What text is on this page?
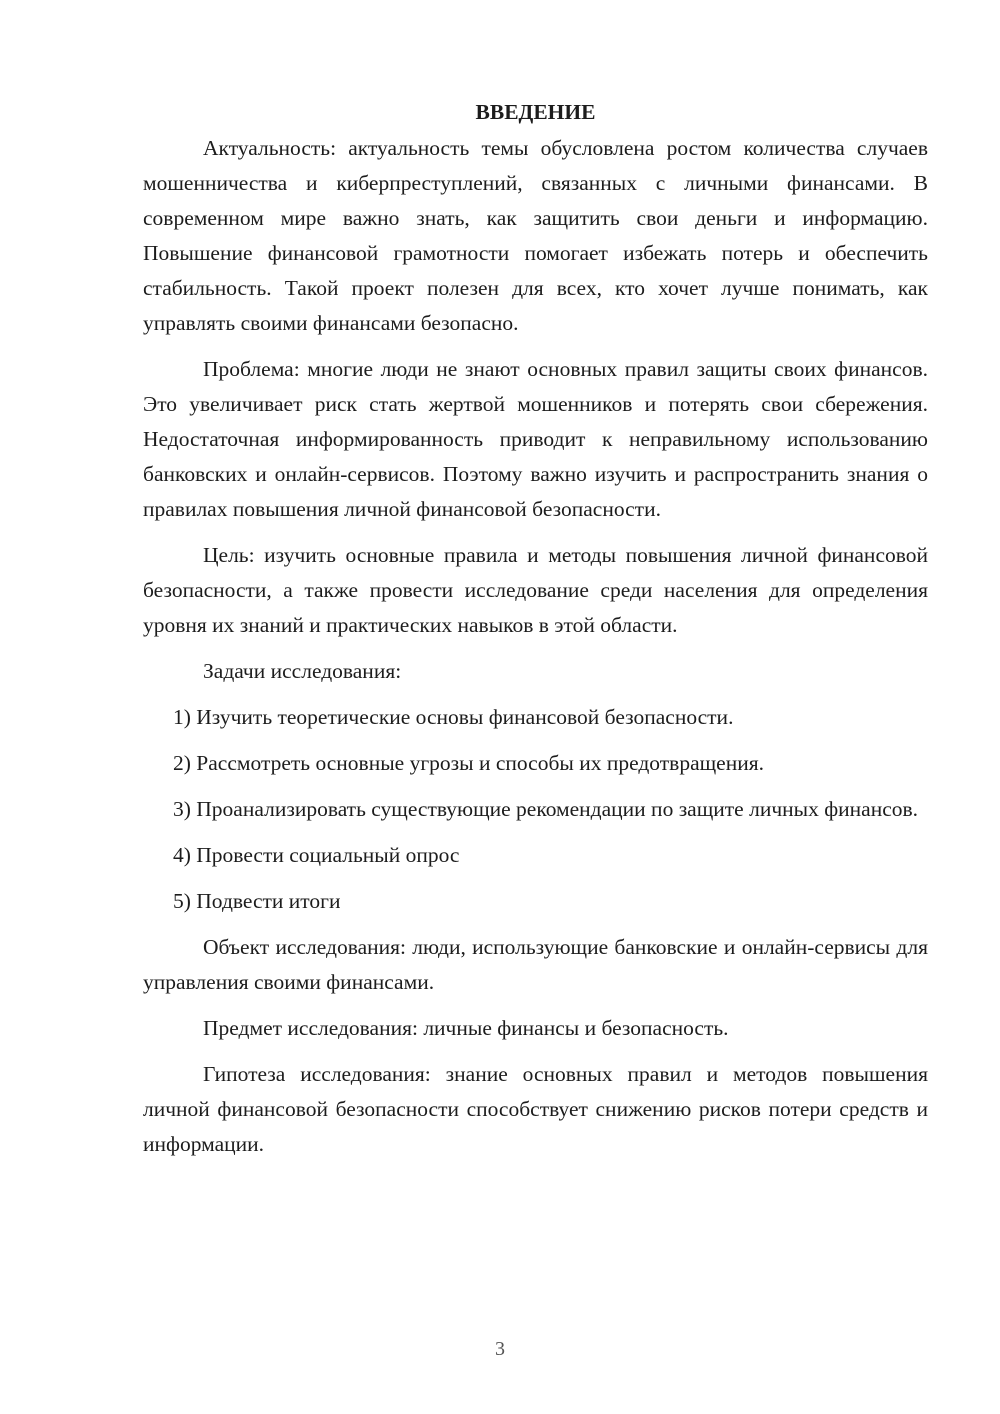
ВВЕДЕНИЕ

Актуальность: актуальность темы обусловлена ростом количества случаев мошенничества и киберпреступлений, связанных с личными финансами. В современном мире важно знать, как защитить свои деньги и информацию. Повышение финансовой грамотности помогает избежать потерь и обеспечить стабильность. Такой проект полезен для всех, кто хочет лучше понимать, как управлять своими финансами безопасно.

Проблема: многие люди не знают основных правил защиты своих финансов. Это увеличивает риск стать жертвой мошенников и потерять свои сбережения. Недостаточная информированность приводит к неправильному использованию банковских и онлайн-сервисов. Поэтому важно изучить и распространить знания о правилах повышения личной финансовой безопасности.

Цель: изучить основные правила и методы повышения личной финансовой безопасности, а также провести исследование среди населения для определения уровня их знаний и практических навыков в этой области.

Задачи исследования:

1) Изучить теоретические основы финансовой безопасности.

2) Рассмотреть основные угрозы и способы их предотвращения.

3) Проанализировать существующие рекомендации по защите личных финансов.

4) Провести социальный опрос

5) Подвести итоги

Объект исследования: люди, использующие банковские и онлайн-сервисы для управления своими финансами.

Предмет исследования: личные финансы и безопасность.

Гипотеза исследования: знание основных правил и методов повышения личной финансовой безопасности способствует снижению рисков потери средств и информации.

3
